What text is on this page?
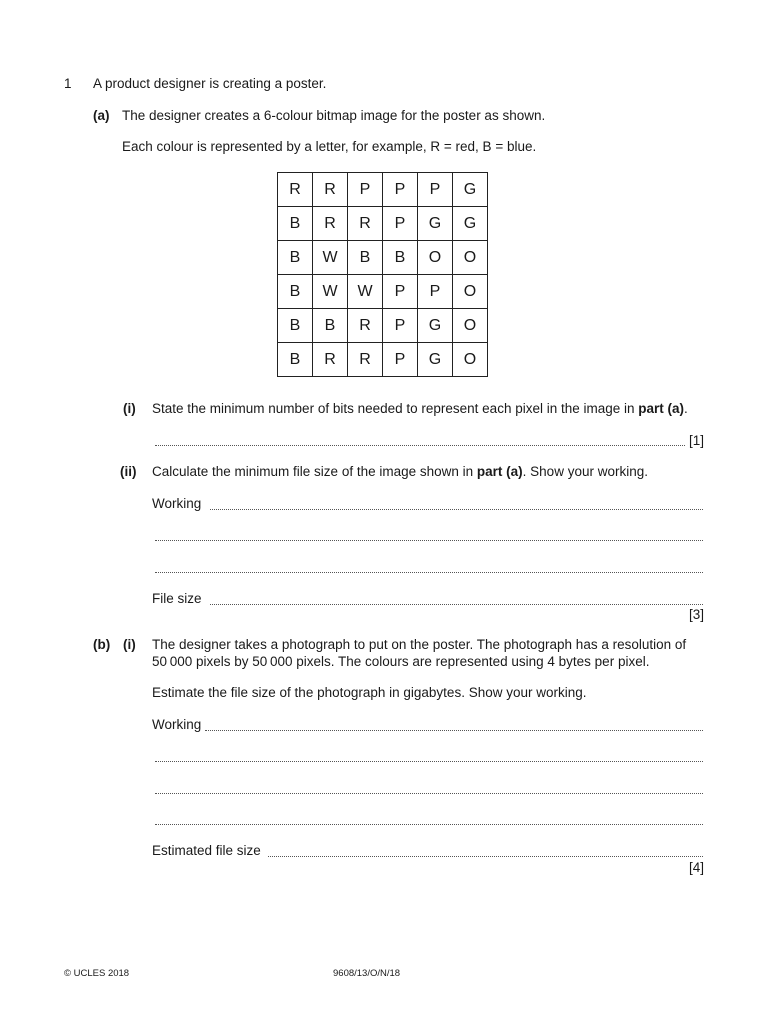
1 A product designer is creating a poster.
(a) The designer creates a 6-colour bitmap image for the poster as shown.
Each colour is represented by a letter, for example, R = red, B = blue.
R	R	P	P	P	G
B	R	R	P	G	G
B	W	B	B	O	O
B	W	W	P	P	O
B	B	R	P	G	O
B	R	R	P	G	O
(i) State the minimum number of bits needed to represent each pixel in the image in part (a).
[1]
(ii) Calculate the minimum file size of the image shown in part (a). Show your working.
Working
File size
[3]
(b) (i) The designer takes a photograph to put on the poster. The photograph has a resolution of
50 000 pixels by 50 000 pixels. The colours are represented using 4 bytes per pixel.
Estimate the file size of the photograph in gigabytes. Show your working.
Working
Estimated file size
[4]
© UCLES 2018	9608/13/O/N/18
